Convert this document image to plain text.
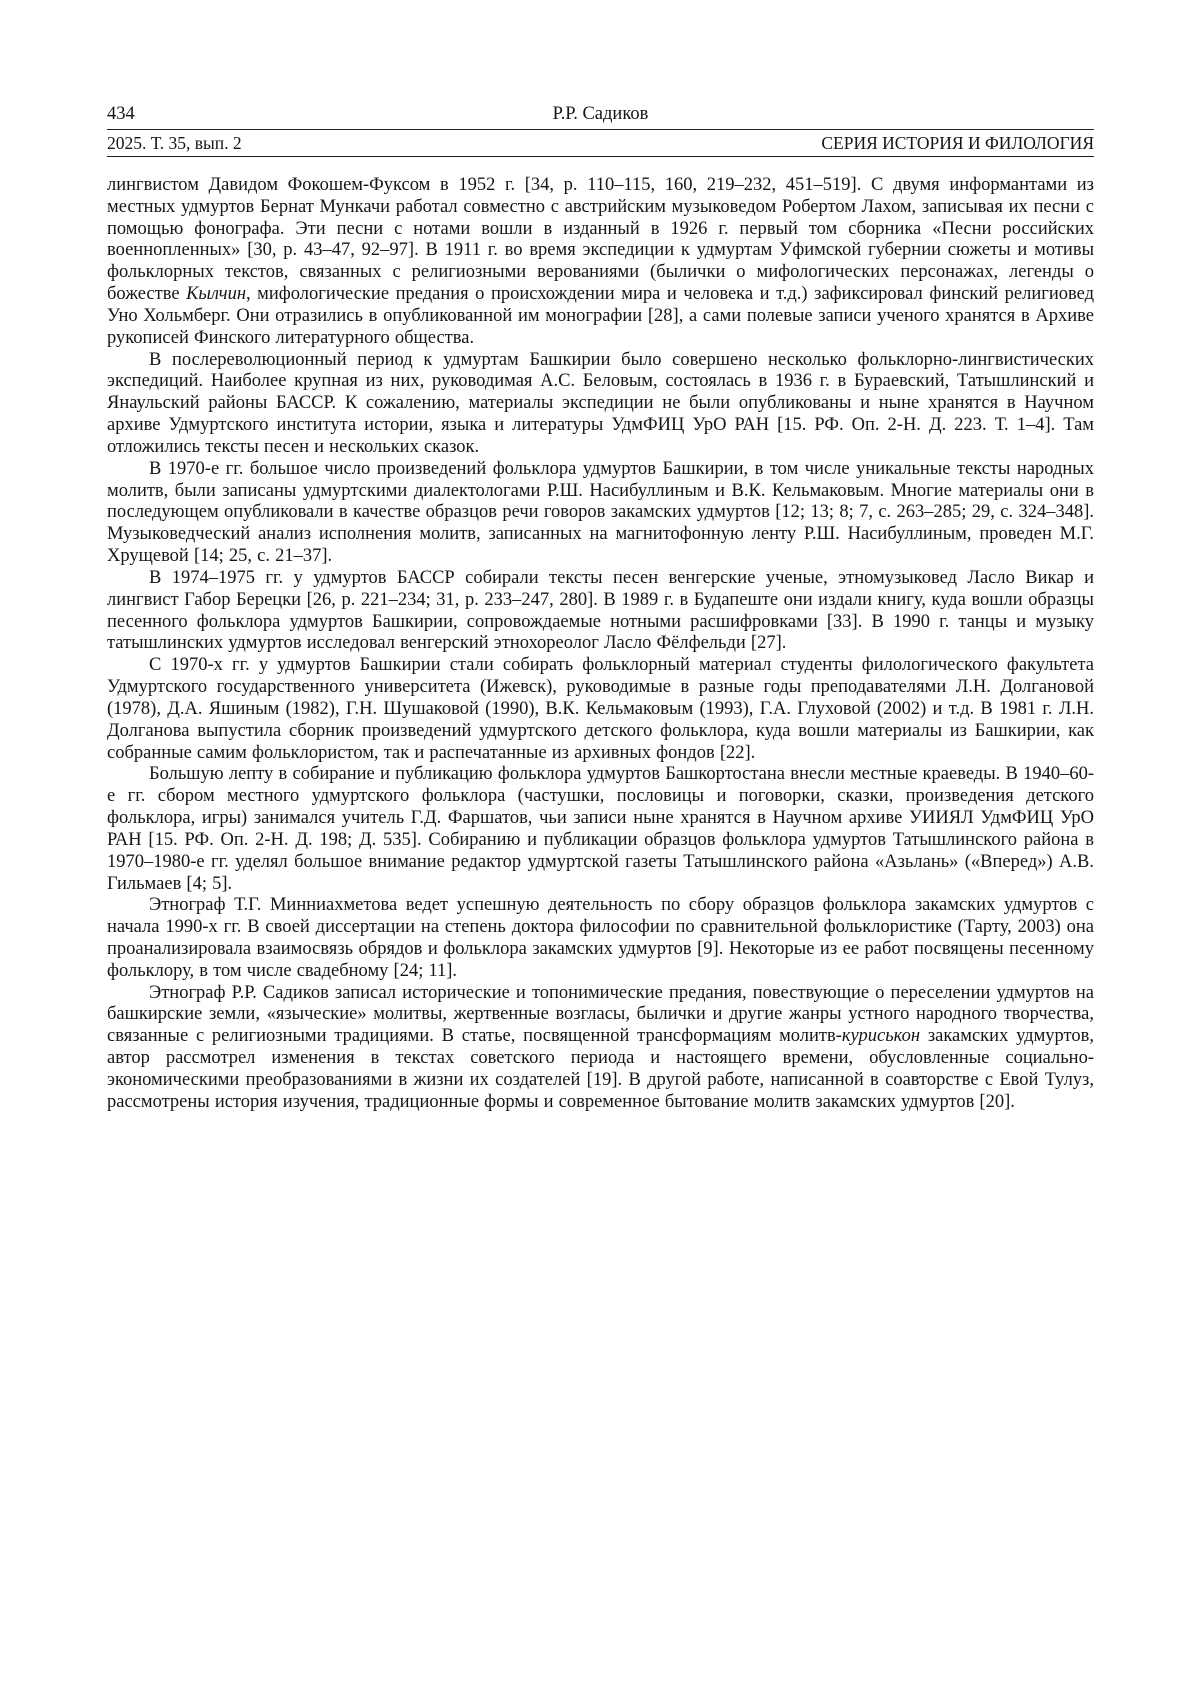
434	Р.Р. Садиков
2025. Т. 35, вып. 2	СЕРИЯ ИСТОРИЯ И ФИЛОЛОГИЯ

лингвистом Давидом Фокошем-Фуксом в 1952 г. [34, p. 110–115, 160, 219–232, 451–519]. С двумя информантами из местных удмуртов Бернат Мункачи работал совместно с австрийским музыковедом Робертом Лахом, записывая их песни с помощью фонографа. Эти песни с нотами вошли в изданный в 1926 г. первый том сборника «Песни российских военнопленных» [30, p. 43–47, 92–97]. В 1911 г. во время экспедиции к удмуртам Уфимской губернии сюжеты и мотивы фольклорных текстов, связанных с религиозными верованиями (былички о мифологических персонажах, легенды о божестве Кылчин, мифологические предания о происхождении мира и человека и т.д.) зафиксировал финский религиовед Уно Хольмберг. Они отразились в опубликованной им монографии [28], а сами полевые записи ученого хранятся в Архиве рукописей Финского литературного общества.

В послереволюционный период к удмуртам Башкирии было совершено несколько фольклорно-лингвистических экспедиций. Наиболее крупная из них, руководимая А.С. Беловым, состоялась в 1936 г. в Бураевский, Татышлинский и Янаульский районы БАССР. К сожалению, материалы экспедиции не были опубликованы и ныне хранятся в Научном архиве Удмуртского института истории, языка и литературы УдмФИЦ УрО РАН [15. РФ. Оп. 2-Н. Д. 223. Т. 1–4]. Там отложились тексты песен и нескольких сказок.

В 1970-е гг. большое число произведений фольклора удмуртов Башкирии, в том числе уникальные тексты народных молитв, были записаны удмуртскими диалектологами Р.Ш. Насибуллиным и В.К. Кельмаковым. Многие материалы они в последующем опубликовали в качестве образцов речи говоров закамских удмуртов [12; 13; 8; 7, с. 263–285; 29, с. 324–348]. Музыковедческий анализ исполнения молитв, записанных на магнитофонную ленту Р.Ш. Насибуллиным, проведен М.Г. Хрущевой [14; 25, с. 21–37].

В 1974–1975 гг. у удмуртов БАССР собирали тексты песен венгерские ученые, этномузыковед Ласло Викар и лингвист Габор Берецки [26, p. 221–234; 31, p. 233–247, 280]. В 1989 г. в Будапеште они издали книгу, куда вошли образцы песенного фольклора удмуртов Башкирии, сопровождаемые нотными расшифровками [33]. В 1990 г. танцы и музыку татышлинских удмуртов исследовал венгерский этнохореолог Ласло Фёлфельди [27].

С 1970-х гг. у удмуртов Башкирии стали собирать фольклорный материал студенты филологического факультета Удмуртского государственного университета (Ижевск), руководимые в разные годы преподавателями Л.Н. Долгановой (1978), Д.А. Яшиным (1982), Г.Н. Шушаковой (1990), В.К. Кельмаковым (1993), Г.А. Глуховой (2002) и т.д. В 1981 г. Л.Н. Долганова выпустила сборник произведений удмуртского детского фольклора, куда вошли материалы из Башкирии, как собранные самим фольклористом, так и распечатанные из архивных фондов [22].

Большую лепту в собирание и публикацию фольклора удмуртов Башкортостана внесли местные краеведы. В 1940–60-е гг. сбором местного удмуртского фольклора (частушки, пословицы и поговорки, сказки, произведения детского фольклора, игры) занимался учитель Г.Д. Фаршатов, чьи записи ныне хранятся в Научном архиве УИИЯЛ УдмФИЦ УрО РАН [15. РФ. Оп. 2-Н. Д. 198; Д. 535]. Собиранию и публикации образцов фольклора удмуртов Татышлинского района в 1970–1980-е гг. уделял большое внимание редактор удмуртской газеты Татышлинского района «Азьлань» («Вперед») А.В. Гильмаев [4; 5].

Этнограф Т.Г. Минниахметова ведет успешную деятельность по сбору образцов фольклора закамских удмуртов с начала 1990-х гг. В своей диссертации на степень доктора философии по сравнительной фольклористике (Тарту, 2003) она проанализировала взаимосвязь обрядов и фольклора закамских удмуртов [9]. Некоторые из ее работ посвящены песенному фольклору, в том числе свадебному [24; 11].

Этнограф Р.Р. Садиков записал исторические и топонимические предания, повествующие о переселении удмуртов на башкирские земли, «языческие» молитвы, жертвенные возгласы, былички и другие жанры устного народного творчества, связанные с религиозными традициями. В статье, посвященной трансформациям молитв-куриськон закамских удмуртов, автор рассмотрел изменения в текстах советского периода и настоящего времени, обусловленные социально-экономическими преобразованиями в жизни их создателей [19]. В другой работе, написанной в соавторстве с Евой Тулуз, рассмотрены история изучения, традиционные формы и современное бытование молитв закамских удмуртов [20].
